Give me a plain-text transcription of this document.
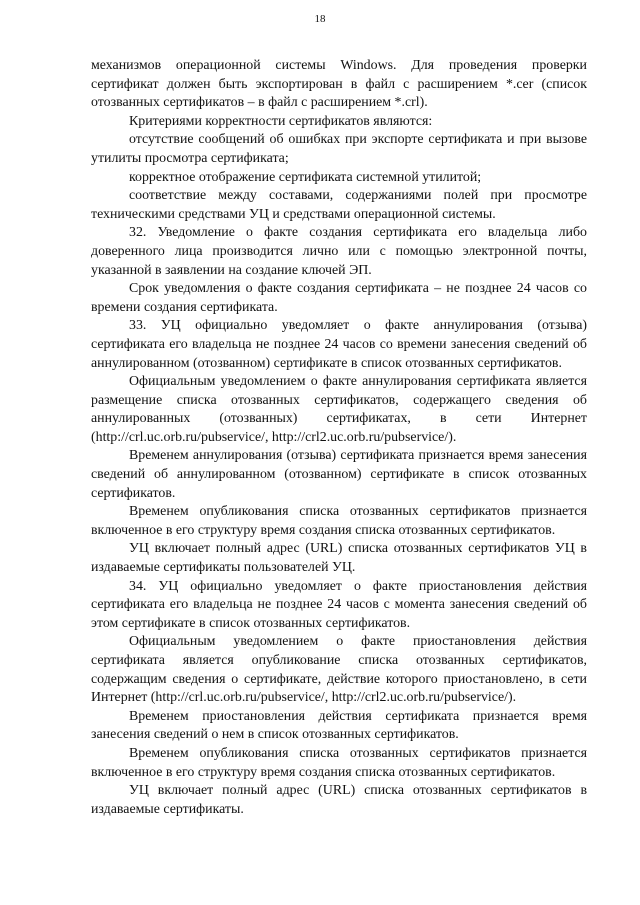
18

механизмов операционной системы Windows. Для проведения проверки сертификат должен быть экспортирован в файл с расширением *.cer (список отозванных сертификатов – в файл с расширением *.crl).

Критериями корректности сертификатов являются:

отсутствие сообщений об ошибках при экспорте сертификата и при вызове утилиты просмотра сертификата;

корректное отображение сертификата системной утилитой;

соответствие между составами, содержаниями полей при просмотре техническими средствами УЦ и средствами операционной системы.

32. Уведомление о факте создания сертификата его владельца либо доверенного лица производится лично или с помощью электронной почты, указанной в заявлении на создание ключей ЭП.

Срок уведомления о факте создания сертификата – не позднее 24 часов со времени создания сертификата.

33. УЦ официально уведомляет о факте аннулирования (отзыва) сертификата его владельца не позднее 24 часов со времени занесения сведений об аннулированном (отозванном) сертификате в список отозванных сертификатов.

Официальным уведомлением о факте аннулирования сертификата является размещение списка отозванных сертификатов, содержащего сведения об аннулированных (отозванных) сертификатах, в сети Интернет (http://crl.uc.orb.ru/pubservice/, http://crl2.uc.orb.ru/pubservice/).

Временем аннулирования (отзыва) сертификата признается время занесения сведений об аннулированном (отозванном) сертификате в список отозванных сертификатов.

Временем опубликования списка отозванных сертификатов признается включенное в его структуру время создания списка отозванных сертификатов.

УЦ включает полный адрес (URL) списка отозванных сертификатов УЦ в издаваемые сертификаты пользователей УЦ.

34. УЦ официально уведомляет о факте приостановления действия сертификата его владельца не позднее 24 часов с момента занесения сведений об этом сертификате в список отозванных сертификатов.

Официальным уведомлением о факте приостановления действия сертификата является опубликование списка отозванных сертификатов, содержащим сведения о сертификате, действие которого приостановлено, в сети Интернет (http://crl.uc.orb.ru/pubservice/, http://crl2.uc.orb.ru/pubservice/).

Временем приостановления действия сертификата признается время занесения сведений о нем в список отозванных сертификатов.

Временем опубликования списка отозванных сертификатов признается включенное в его структуру время создания списка отозванных сертификатов.

УЦ включает полный адрес (URL) списка отозванных сертификатов в издаваемые сертификаты.
